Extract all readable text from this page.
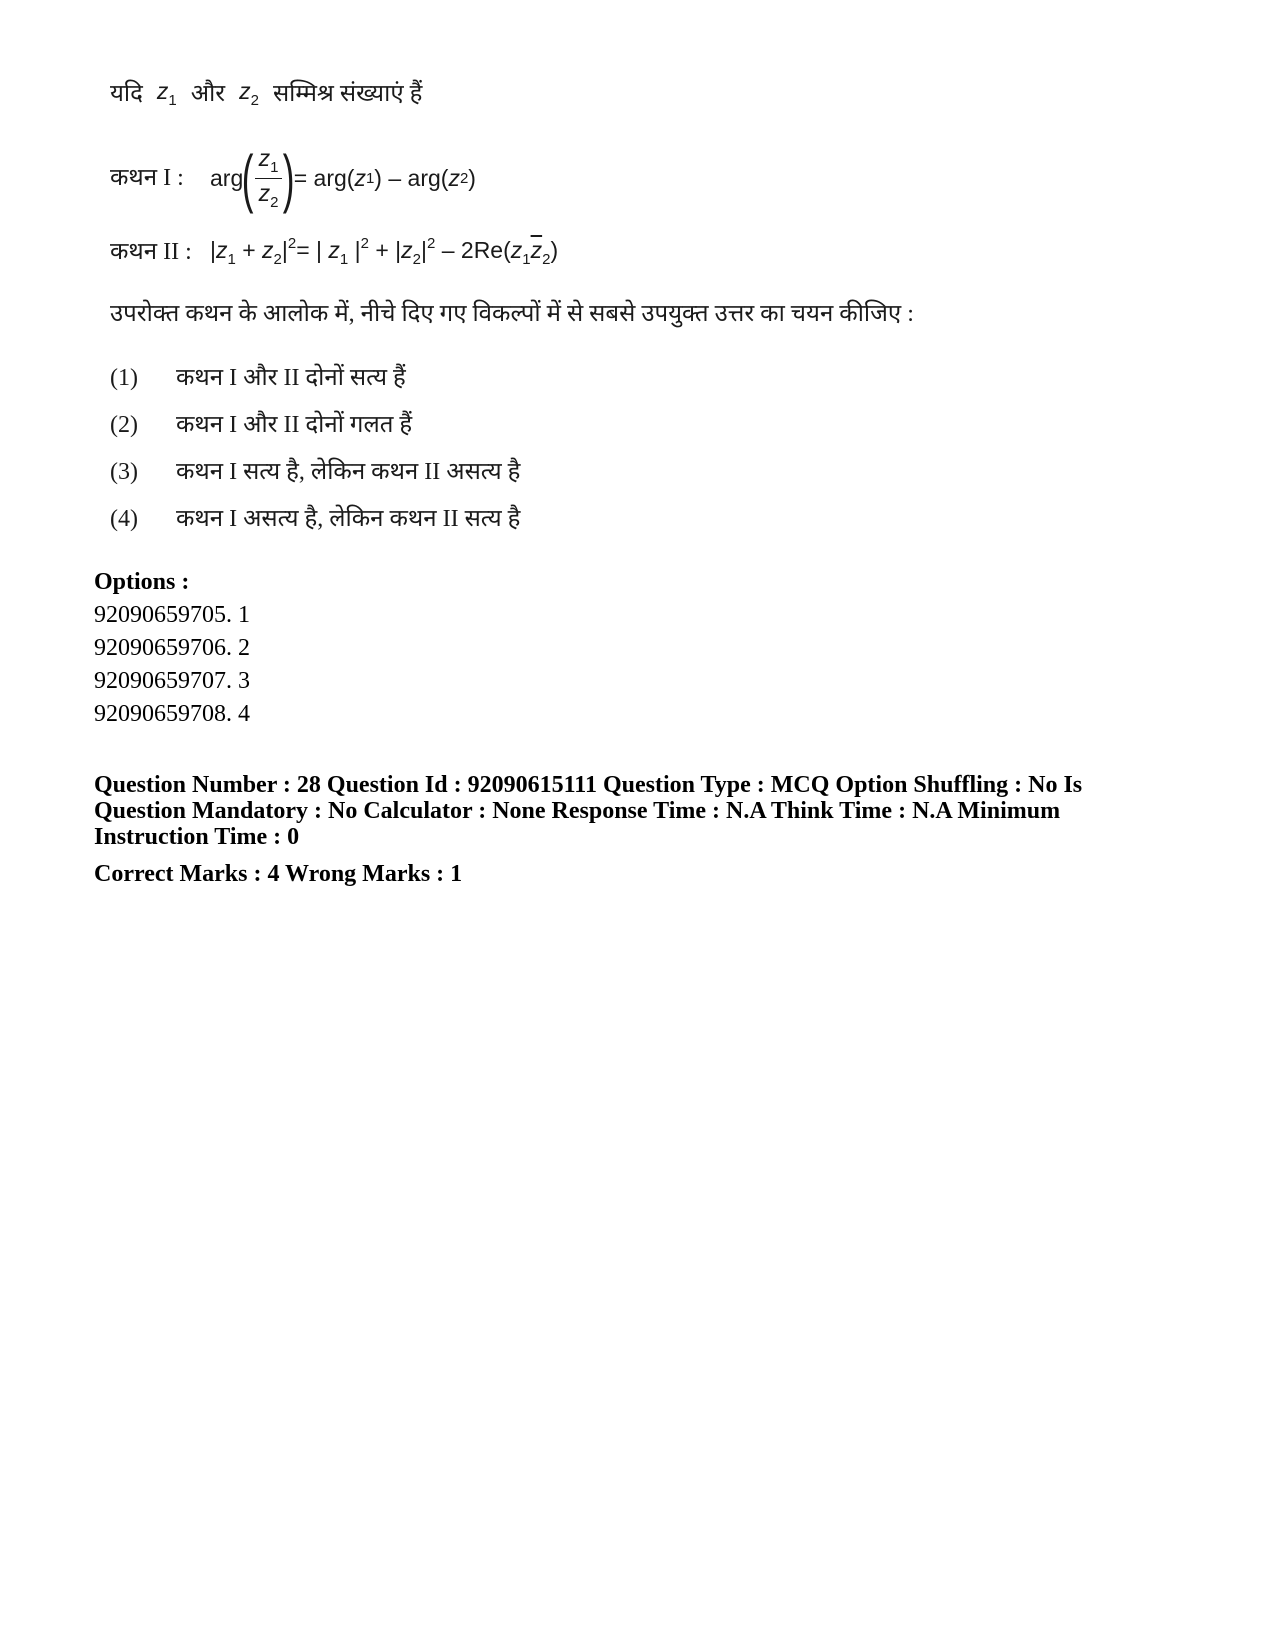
यदि $z_1$ और $z_2$ सम्मिश्र संख्याएं हैं
कथन I :	arg
( $\frac{z_1}{z_2}$ )
= arg( z 1 ) – arg( z 2 )
कथन II : $|z_1 + z_2|^2=$ | $z_1$ $|^2 + |z_2|^2 - 2Re(z_1\overline{z}_2)$
उपरोक्त कथन के आलोक में, नीचे दिए गए विकल्पों में से सबसे उपयुक्त उत्तर का चयन कीजिए :
(1)	कथन I और II दोनों सत्य हैं
(2)	कथन I और II दोनों गलत हैं
(3)	कथन I सत्य है, लेकिन कथन II असत्य है
(4)	कथन I असत्य है, लेकिन कथन II सत्य है
Options :
92090659705. 1
92090659706. 2
92090659707. 3
92090659708. 4
Question Number : 28 Question Id : 92090615111 Question Type : MCQ Option Shuffling : No Is Question Mandatory : No Calculator : None Response Time : N.A Think Time : N.A Minimum Instruction Time : 0
Correct Marks : 4 Wrong Marks : 1
